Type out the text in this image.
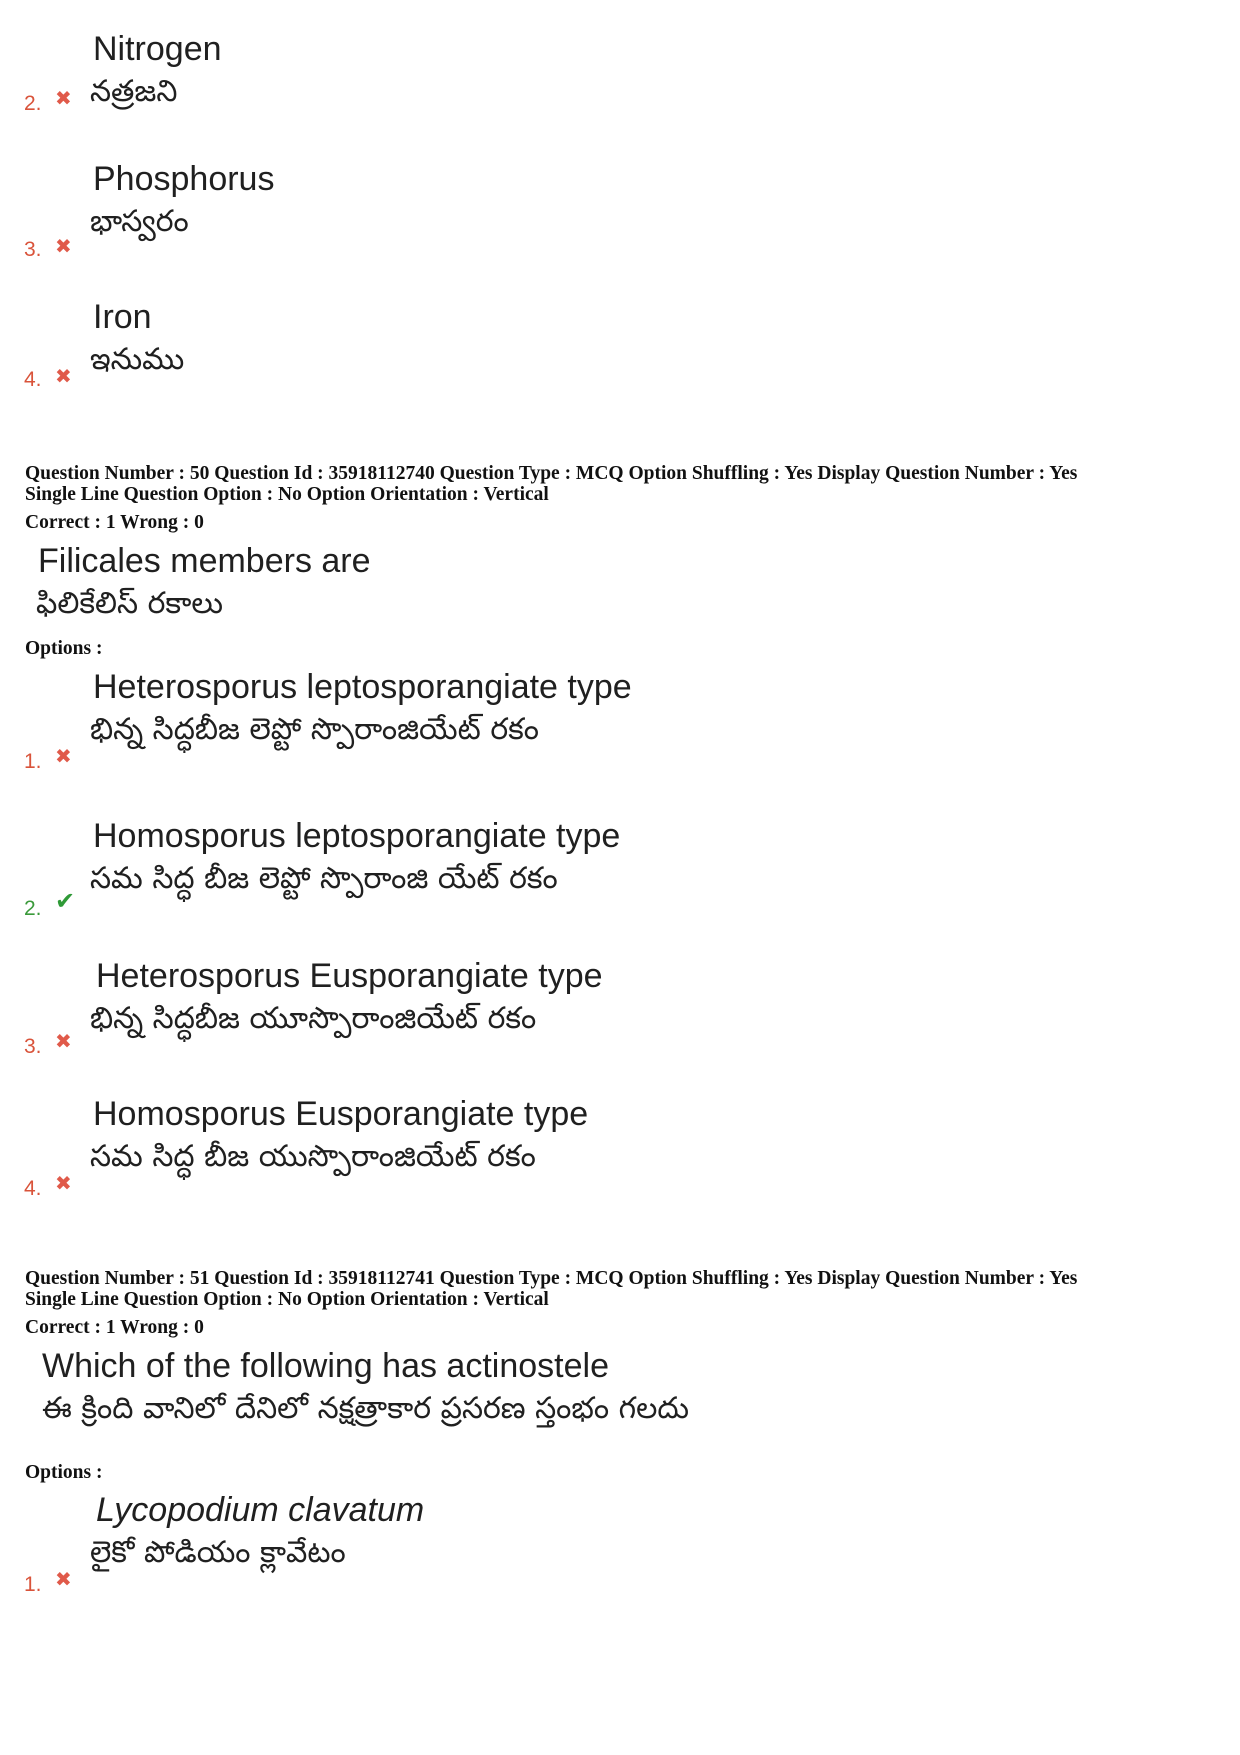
Nitrogen
నత్రజని
2. ✖
Phosphorus
భాస్వరం
3. ✖
Iron
ఇనుము
4. ✖
Question Number : 50 Question Id : 35918112740 Question Type : MCQ Option Shuffling : Yes Display Question Number : Yes
Single Line Question Option : No Option Orientation : Vertical
Correct : 1 Wrong : 0
Filicales members are
ఫిలికేలిస్ రకాలు
Options :
Heterosporus leptosporangiate type
భిన్న సిద్ధబీజ లెప్టో స్పొరాంజియేట్ రకం
1. ✖
Homosporus leptosporangiate type
సమ సిద్ధ బీజ లెప్టో స్పొరాంజి యేట్ రకం
2. ✔
Heterosporus Eusporangiate type
భిన్న సిద్ధబీజ యూస్పొరాంజియేట్ రకం
3. ✖
Homosporus Eusporangiate type
సమ సిద్ధ బీజ యుస్పొరాంజియేట్ రకం
4. ✖
Question Number : 51 Question Id : 35918112741 Question Type : MCQ Option Shuffling : Yes Display Question Number : Yes
Single Line Question Option : No Option Orientation : Vertical
Correct : 1 Wrong : 0
Which of the following has actinostele
ఈ క్రింది వానిలో దేనిలో నక్షత్రాకార ప్రసరణ స్తంభం గలదు
Options :
Lycopodium clavatum
లైకో పోడియం క్లావేటం
1. ✖
